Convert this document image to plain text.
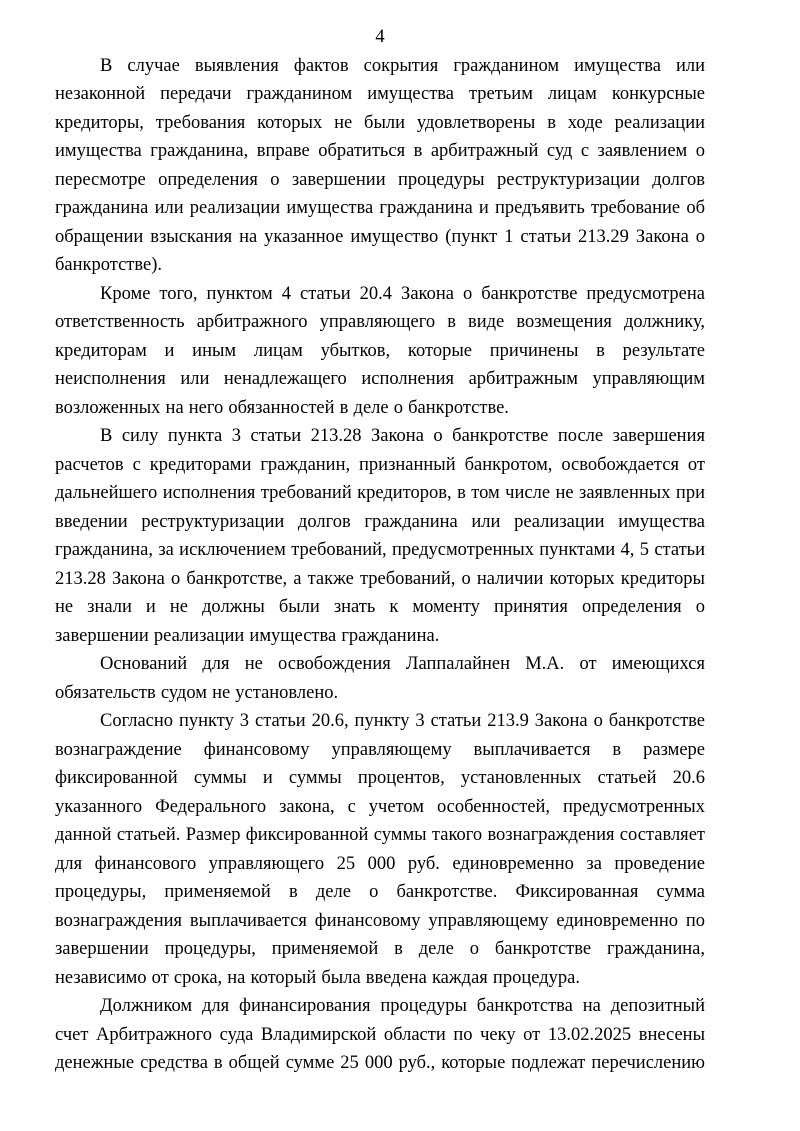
4

В случае выявления фактов сокрытия гражданином имущества или незаконной передачи гражданином имущества третьим лицам конкурсные кредиторы, требования которых не были удовлетворены в ходе реализации имущества гражданина, вправе обратиться в арбитражный суд с заявлением о пересмотре определения о завершении процедуры реструктуризации долгов гражданина или реализации имущества гражданина и предъявить требование об обращении взыскания на указанное имущество (пункт 1 статьи 213.29 Закона о банкротстве).

Кроме того, пунктом 4 статьи 20.4 Закона о банкротстве предусмотрена ответственность арбитражного управляющего в виде возмещения должнику, кредиторам и иным лицам убытков, которые причинены в результате неисполнения или ненадлежащего исполнения арбитражным управляющим возложенных на него обязанностей в деле о банкротстве.

В силу пункта 3 статьи 213.28 Закона о банкротстве после завершения расчетов с кредиторами гражданин, признанный банкротом, освобождается от дальнейшего исполнения требований кредиторов, в том числе не заявленных при введении реструктуризации долгов гражданина или реализации имущества гражданина, за исключением требований, предусмотренных пунктами 4, 5 статьи 213.28 Закона о банкротстве, а также требований, о наличии которых кредиторы не знали и не должны были знать к моменту принятия определения о завершении реализации имущества гражданина.

Оснований для не освобождения Лаппалайнен М.А. от имеющихся обязательств судом не установлено.

Согласно пункту 3 статьи 20.6, пункту 3 статьи 213.9 Закона о банкротстве вознаграждение финансовому управляющему выплачивается в размере фиксированной суммы и суммы процентов, установленных статьей 20.6 указанного Федерального закона, с учетом особенностей, предусмотренных данной статьей. Размер фиксированной суммы такого вознаграждения составляет для финансового управляющего 25 000 руб. единовременно за проведение процедуры, применяемой в деле о банкротстве. Фиксированная сумма вознаграждения выплачивается финансовому управляющему единовременно по завершении процедуры, применяемой в деле о банкротстве гражданина, независимо от срока, на который была введена каждая процедура.

Должником для финансирования процедуры банкротства на депозитный счет Арбитражного суда Владимирской области по чеку от 13.02.2025 внесены денежные средства в общей сумме 25 000 руб., которые подлежат перечислению
